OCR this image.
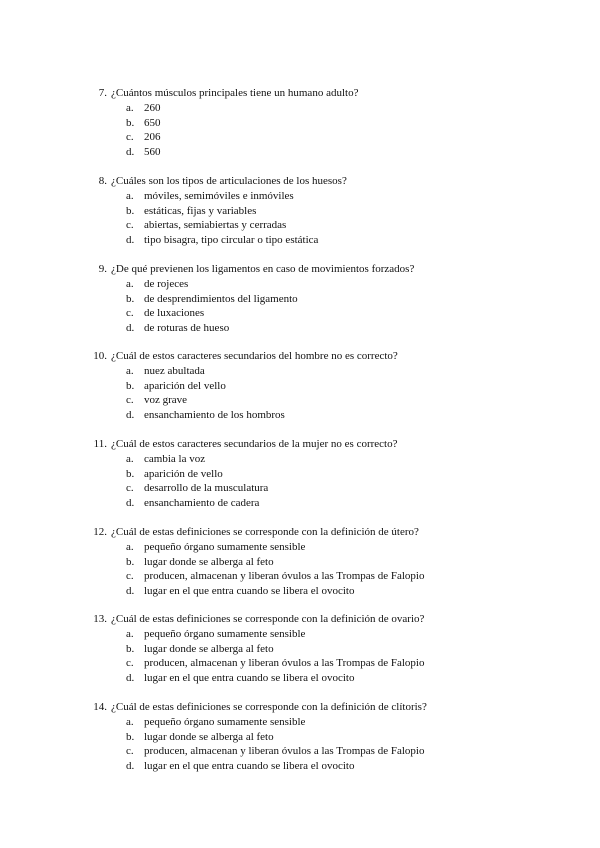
7. ¿Cuántos músculos principales tiene un humano adulto?
a. 260
b. 650
c. 206
d. 560
8. ¿Cuáles son los tipos de articulaciones de los huesos?
a. móviles, semimóviles e inmóviles
b. estáticas, fijas y variables
c. abiertas, semiabiertas y cerradas
d. tipo bisagra, tipo circular o tipo estática
9. ¿De qué previenen los ligamentos en caso de movimientos forzados?
a. de rojeces
b. de desprendimientos del ligamento
c. de luxaciones
d. de roturas de hueso
10. ¿Cuál de estos caracteres secundarios del hombre no es correcto?
a. nuez abultada
b. aparición del vello
c. voz grave
d. ensanchamiento de los hombros
11. ¿Cuál de estos caracteres secundarios de la mujer no es correcto?
a. cambia la voz
b. aparición de vello
c. desarrollo de la musculatura
d. ensanchamiento de cadera
12. ¿Cuál de estas definiciones se corresponde con la definición de útero?
a. pequeño órgano sumamente sensible
b. lugar donde se alberga al feto
c. producen, almacenan y liberan óvulos a las Trompas de Falopio
d. lugar en el que entra cuando se libera el ovocito
13. ¿Cuál de estas definiciones se corresponde con la definición de ovario?
a. pequeño órgano sumamente sensible
b. lugar donde se alberga al feto
c. producen, almacenan y liberan óvulos a las Trompas de Falopio
d. lugar en el que entra cuando se libera el ovocito
14. ¿Cuál de estas definiciones se corresponde con la definición de clítoris?
a. pequeño órgano sumamente sensible
b. lugar donde se alberga al feto
c. producen, almacenan y liberan óvulos a las Trompas de Falopio
d. lugar en el que entra cuando se libera el ovocito
